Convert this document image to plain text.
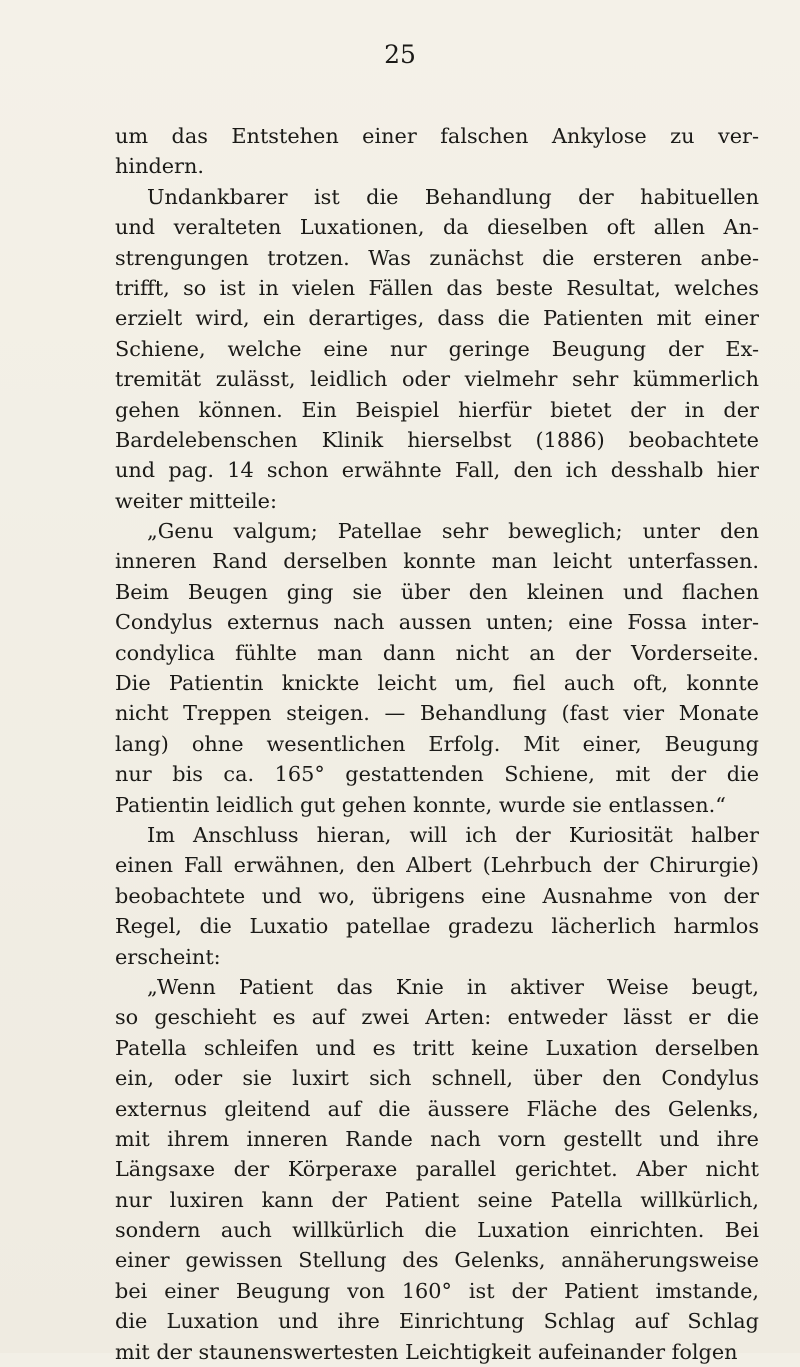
25
um das Entstehen einer falschen Ankylose zu ver-
hindern.
Undankbarer ist die Behandlung der habituellen
und veralteten Luxationen, da dieselben oft allen An-
strengungen trotzen. Was zunächst die ersteren anbe-
trifft, so ist in vielen Fällen das beste Resultat, welches
erzielt wird, ein derartiges, dass die Patienten mit einer
Schiene, welche eine nur geringe Beugung der Ex-
tremität zulässt, leidlich oder vielmehr sehr kümmerlich
gehen können. Ein Beispiel hierfür bietet der in der
Bardelebenschen Klinik hierselbst (1886) beobachtete
und pag. 14 schon erwähnte Fall, den ich desshalb hier
weiter mitteile:
„Genu valgum; Patellae sehr beweglich; unter den
inneren Rand derselben konnte man leicht unterfassen.
Beim Beugen ging sie über den kleinen und flachen
Condylus externus nach aussen unten; eine Fossa inter-
condylica fühlte man dann nicht an der Vorderseite.
Die Patientin knickte leicht um, fiel auch oft, konnte
nicht Treppen steigen. — Behandlung (fast vier Monate
lang) ohne wesentlichen Erfolg. Mit einer, Beugung
nur bis ca. 165° gestattenden Schiene, mit der die
Patientin leidlich gut gehen konnte, wurde sie entlassen.“
Im Anschluss hieran, will ich der Kuriosität halber
einen Fall erwähnen, den Albert (Lehrbuch der Chirurgie)
beobachtete und wo, übrigens eine Ausnahme von der
Regel, die Luxatio patellae gradezu lächerlich harmlos
erscheint:
„Wenn Patient das Knie in aktiver Weise beugt,
so geschieht es auf zwei Arten: entweder lässt er die
Patella schleifen und es tritt keine Luxation derselben
ein, oder sie luxirt sich schnell, über den Condylus
externus gleitend auf die äussere Fläche des Gelenks,
mit ihrem inneren Rande nach vorn gestellt und ihre
Längsaxe der Körperaxe parallel gerichtet. Aber nicht
nur luxiren kann der Patient seine Patella willkürlich,
sondern auch willkürlich die Luxation einrichten. Bei
einer gewissen Stellung des Gelenks, annäherungsweise
bei einer Beugung von 160° ist der Patient imstande,
die Luxation und ihre Einrichtung Schlag auf Schlag
mit der staunenswertesten Leichtigkeit aufeinander folgen
